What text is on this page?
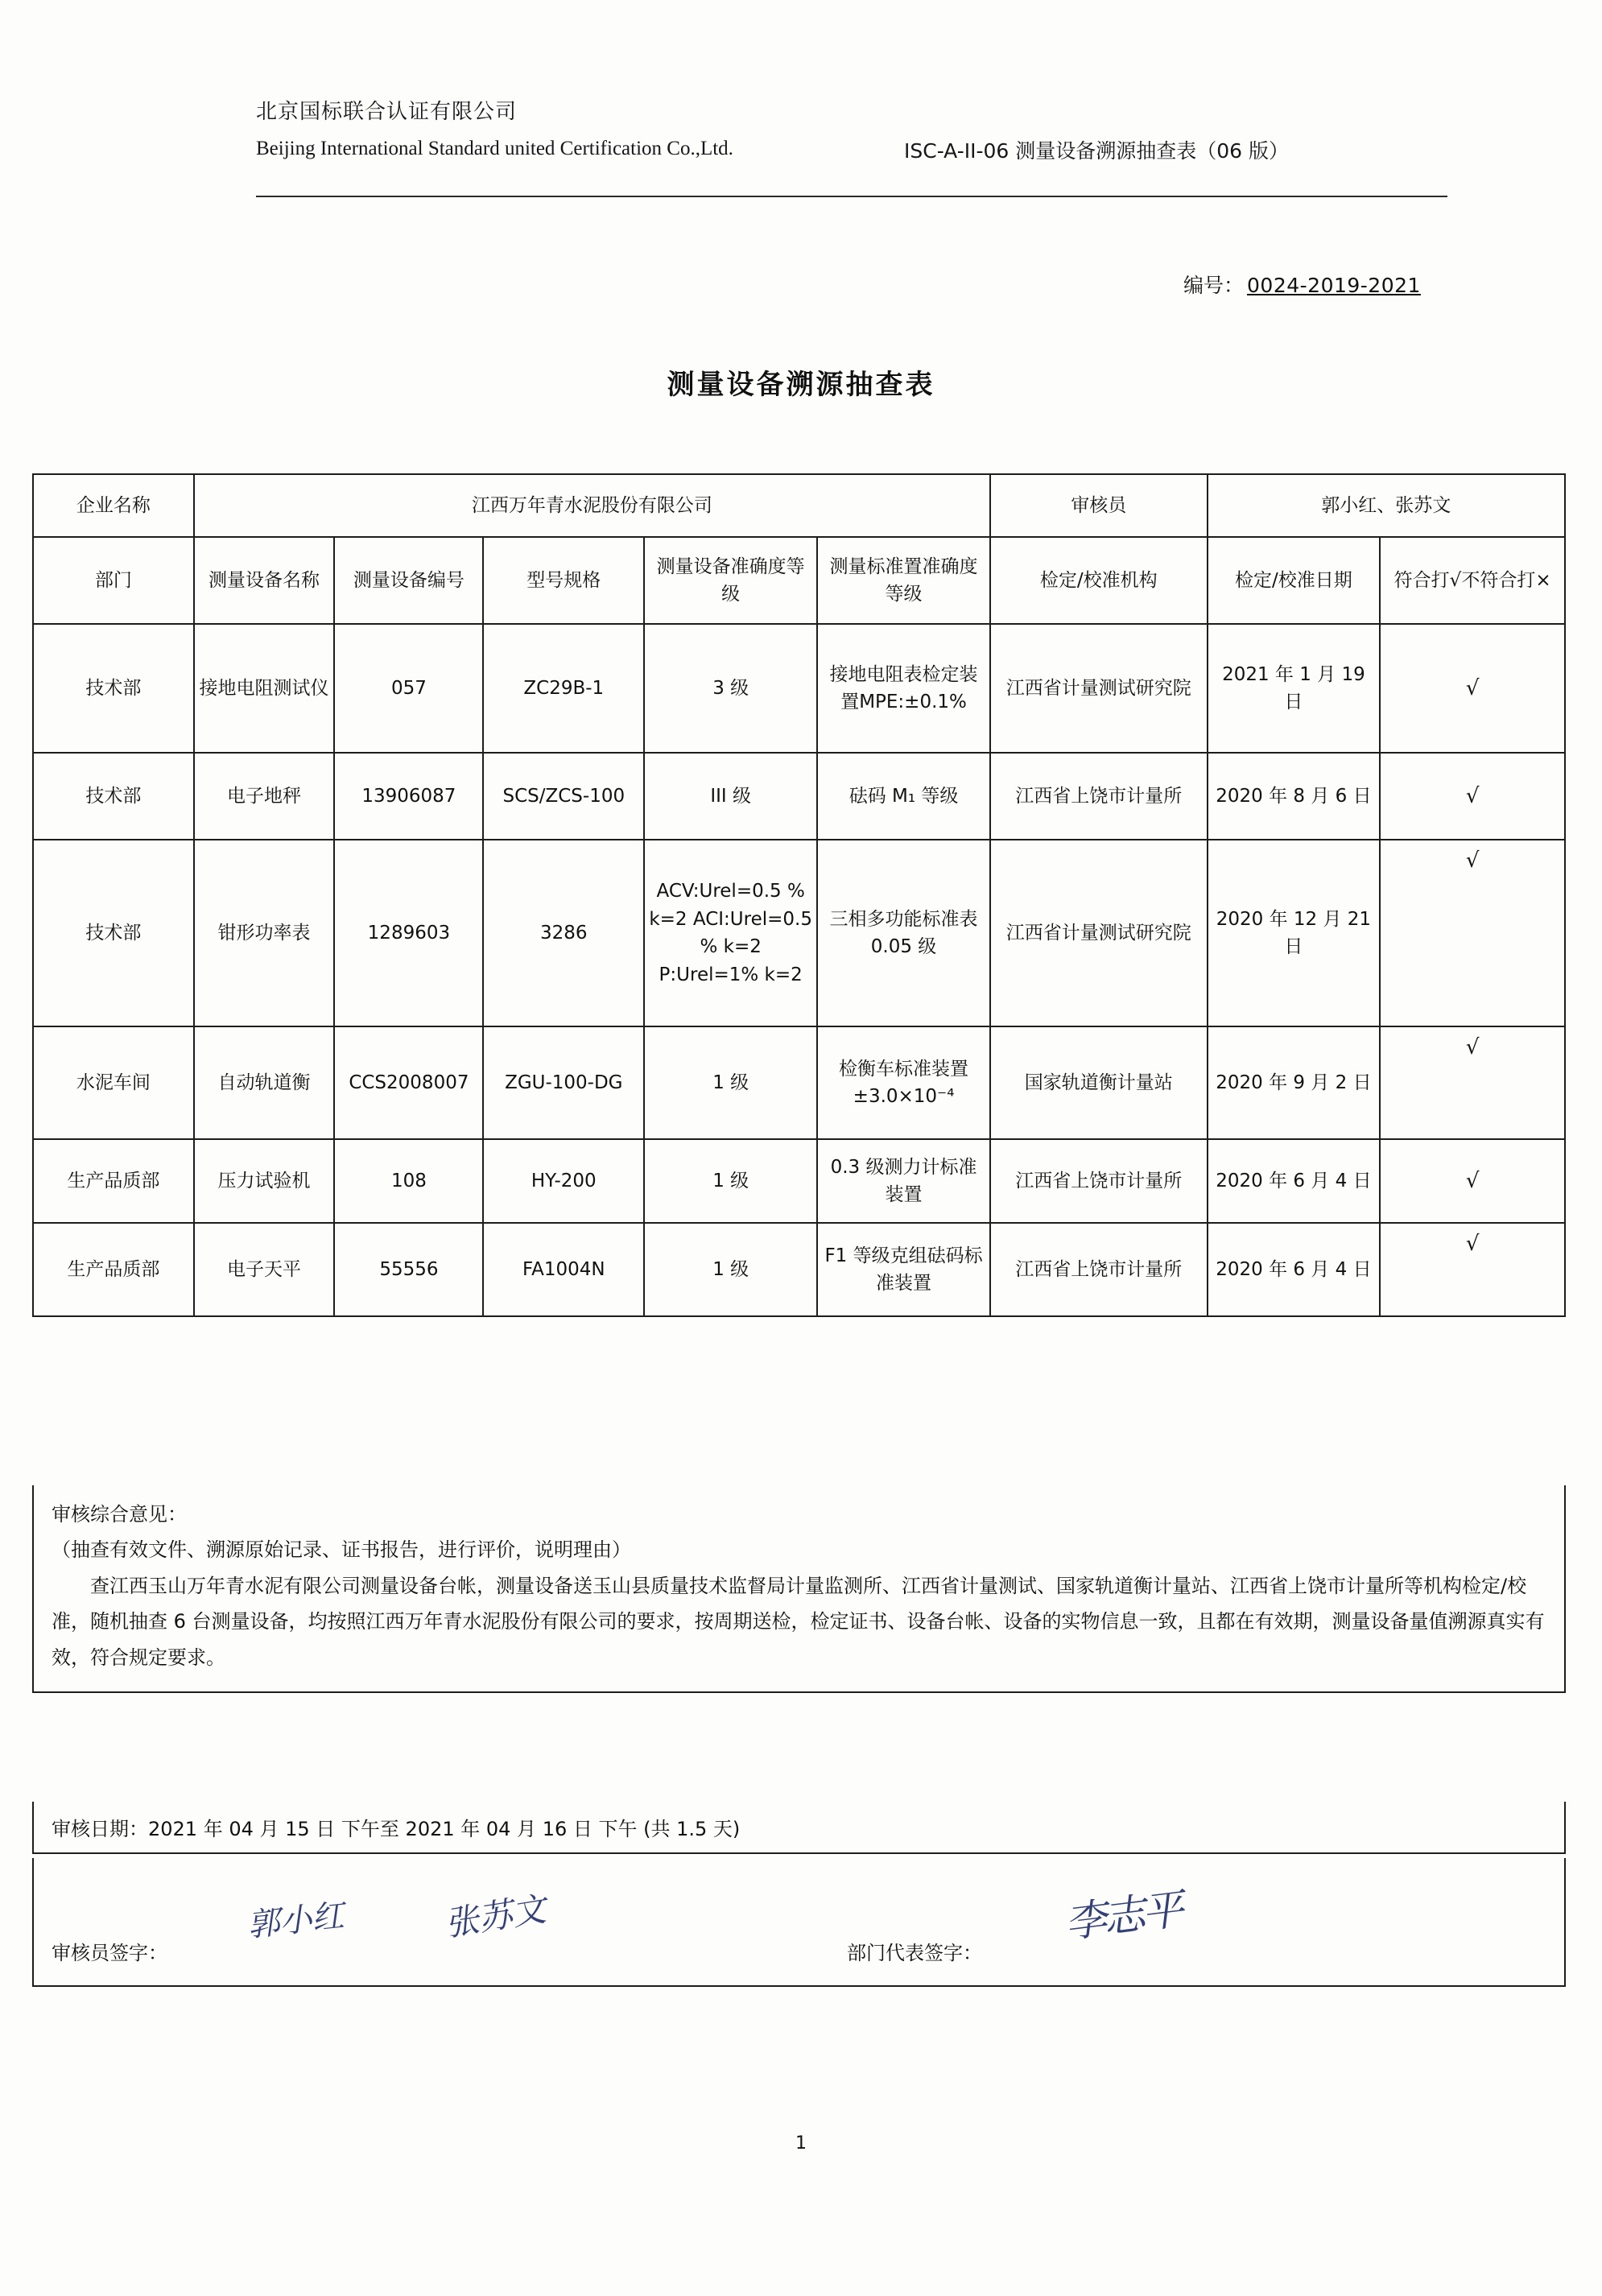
北京国标联合认证有限公司
Beijing International Standard united Certification Co.,Ltd.	ISC-A-II-06 测量设备溯源抽查表（06 版）
编号： 0024-2019-2021
测量设备溯源抽查表
企业名称	江西万年青水泥股份有限公司					审核员	郭小红、张苏文	
部门	测量设备名称	测量设备编号	型号规格	测量设备准确度等级	测量标准置准确度等级	检定/校准机构	检定/校准日期	符合打√不符合打×
技术部	接地电阻测试仪	057	ZC29B-1	3 级	接地电阻表检定装置MPE:±0.1%	江西省计量测试研究院	2021 年 1 月 19 日	√
技术部	电子地秤	13906087	SCS/ZCS-100	III 级	砝码 M₁ 等级	江西省上饶市计量所	2020 年 8 月 6 日	√
技术部	钳形功率表	1289603	3286	ACV:Urel=0.5 % k=2 ACI:Urel=0.5 % k=2 P:Urel=1% k=2	三相多功能标准表 0.05 级	江西省计量测试研究院	2020 年 12 月 21 日	√
水泥车间	自动轨道衡	CCS2008007	ZGU-100-DG	1 级	检衡车标准装置±3.0×10⁻⁴	国家轨道衡计量站	2020 年 9 月 2 日	√
生产品质部	压力试验机	108	HY-200	1 级	0.3 级测力计标准装置	江西省上饶市计量所	2020 年 6 月 4 日	√
生产品质部	电子天平	55556	FA1004N	1 级	F1 等级克组砝码标准装置	江西省上饶市计量所	2020 年 6 月 4 日	√
审核综合意见：
（抽查有效文件、溯源原始记录、证书报告，进行评价，说明理由）
查江西玉山万年青水泥有限公司测量设备台帐，测量设备送玉山县质量技术监督局计量监测所、江西省计量测试、国家轨道衡计量站、江西省上饶市计量所等机构检定/校准，随机抽查 6 台测量设备，均按照江西万年青水泥股份有限公司的要求，按周期送检，检定证书、设备台帐、设备的实物信息一致，且都在有效期，测量设备量值溯源真实有效，符合规定要求。
审核日期：2021 年 04 月 15 日 下午至 2021 年 04 月 16 日 下午 (共 1.5 天)
审核员签字：	部门代表签字：
郭小红	张苏文	李志平
1
